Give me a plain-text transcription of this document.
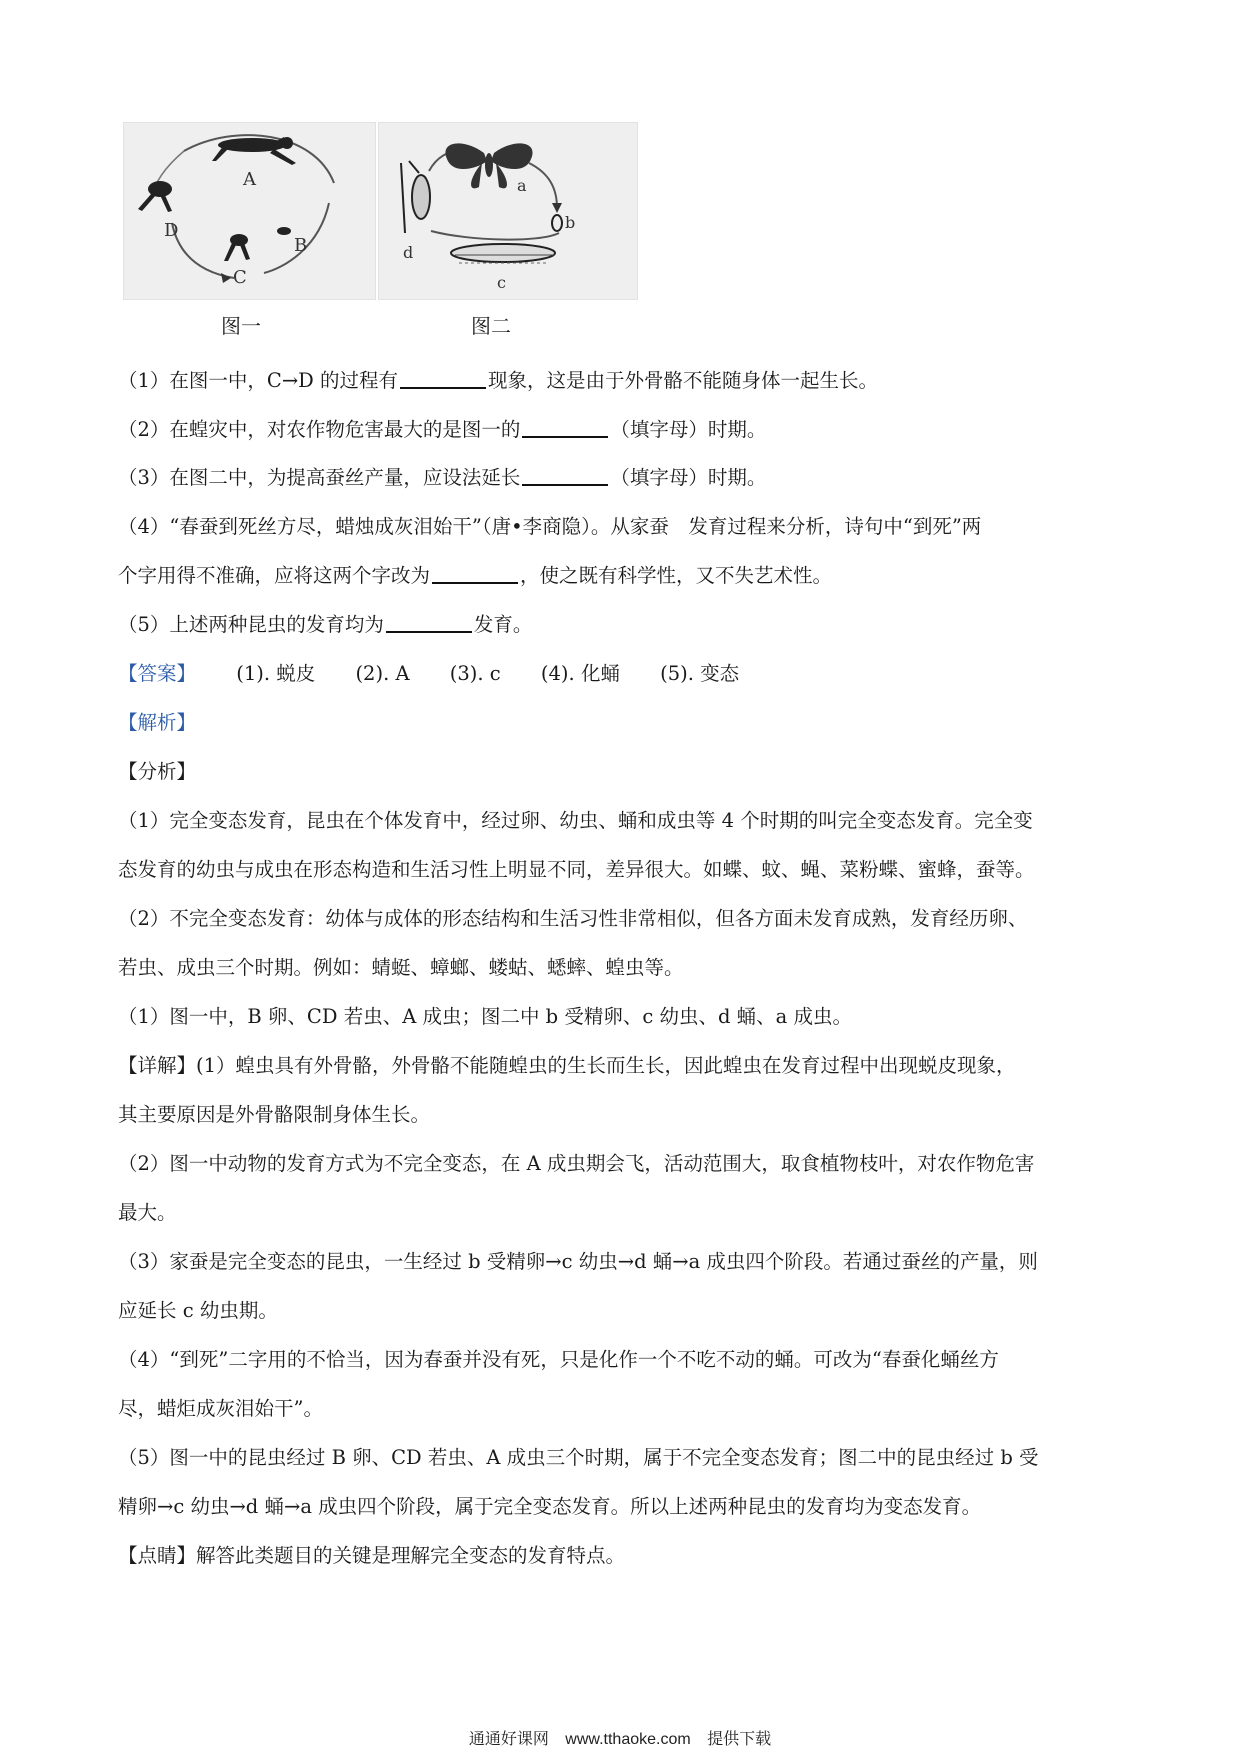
A
B
C
D
a
b
c
d
图一	图二
（1）在图一中，C→D 的过程有	现象，这是由于外骨骼不能随身体一起生长。
（2）在蝗灾中，对农作物危害最大的是图一的	（填字母）时期。
（3）在图二中，为提高蚕丝产量，应设法延长	（填字母）时期。
（4）“春蚕到死丝方尽，蜡烛成灰泪始干”（唐•李商隐）。从家蚕　发育过程来分析，诗句中“到死”两
个字用得不准确，应将这两个字改为	，使之既有科学性，又不失艺术性。
（5）上述两种昆虫的发育均为	发育。
【答案】 (1). 蜕皮 (2). A (3). c (4). 化蛹 (5). 变态
【解析】
【分析】
（1）完全变态发育，昆虫在个体发育中，经过卵、幼虫、蛹和成虫等 4 个时期的叫完全变态发育。完全变
态发育的幼虫与成虫在形态构造和生活习性上明显不同，差异很大。如蝶、蚊、蝇、菜粉蝶、蜜蜂，蚕等。
（2）不完全变态发育：幼体与成体的形态结构和生活习性非常相似，但各方面未发育成熟，发育经历卵、
若虫、成虫三个时期。例如：蜻蜓、蟑螂、蝼蛄、蟋蟀、蝗虫等。
（1）图一中，B 卵、CD 若虫、A 成虫；图二中 b 受精卵、c 幼虫、d 蛹、a 成虫。
【详解】(1）蝗虫具有外骨骼，外骨骼不能随蝗虫的生长而生长，因此蝗虫在发育过程中出现蜕皮现象，
其主要原因是外骨骼限制身体生长。
（2）图一中动物的发育方式为不完全变态，在 A 成虫期会飞，活动范围大，取食植物枝叶，对农作物危害
最大。
（3）家蚕是完全变态的昆虫，一生经过 b 受精卵→c 幼虫→d 蛹→a 成虫四个阶段。若通过蚕丝的产量，则
应延长 c 幼虫期。
（4）“到死”二字用的不恰当，因为春蚕并没有死，只是化作一个不吃不动的蛹。可改为“春蚕化蛹丝方
尽，蜡炬成灰泪始干”。
（5）图一中的昆虫经过 B 卵、CD 若虫、A 成虫三个时期，属于不完全变态发育；图二中的昆虫经过 b 受
精卵→c 幼虫→d 蛹→a 成虫四个阶段，属于完全变态发育。所以上述两种昆虫的发育均为变态发育。
【点睛】解答此类题目的关键是理解完全变态的发育特点。
通通好课网 www.tthaoke.com 提供下载
